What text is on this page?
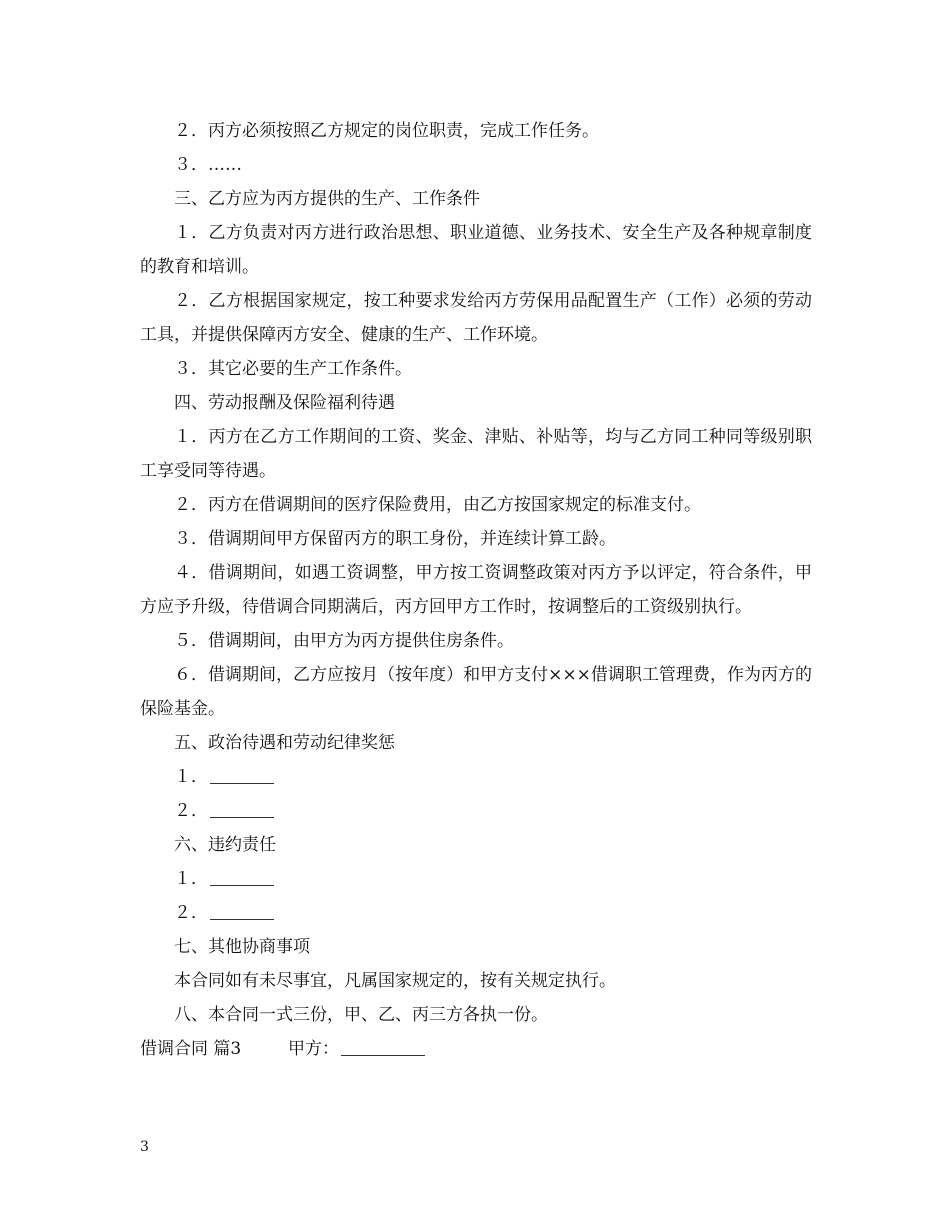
２．丙方必须按照乙方规定的岗位职责，完成工作任务。

３．……

三、乙方应为丙方提供的生产、工作条件

１．乙方负责对丙方进行政治思想、职业道德、业务技术、安全生产及各种规章制度的教育和培训。

２．乙方根据国家规定，按工种要求发给丙方劳保用品配置生产（工作）必须的劳动工具，并提供保障丙方安全、健康的生产、工作环境。

３．其它必要的生产工作条件。

四、劳动报酬及保险福利待遇

１．丙方在乙方工作期间的工资、奖金、津贴、补贴等，均与乙方同工种同等级别职工享受同等待遇。

２．丙方在借调期间的医疗保险费用，由乙方按国家规定的标准支付。

３．借调期间甲方保留丙方的职工身份，并连续计算工龄。

４．借调期间，如遇工资调整，甲方按工资调整政策对丙方予以评定，符合条件，甲方应予升级，待借调合同期满后，丙方回甲方工作时，按调整后的工资级别执行。

５．借调期间，由甲方为丙方提供住房条件。

６．借调期间，乙方应按月（按年度）和甲方支付×××借调职工管理费，作为丙方的保险基金。

五、政治待遇和劳动纪律奖惩

１．

２．

六、违约责任

１．

２．

七、其他协商事项

本合同如有未尽事宜，凡属国家规定的，按有关规定执行。

八、本合同一式三份，甲、乙、丙三方各执一份。

借调合同 篇3	甲方：

3
